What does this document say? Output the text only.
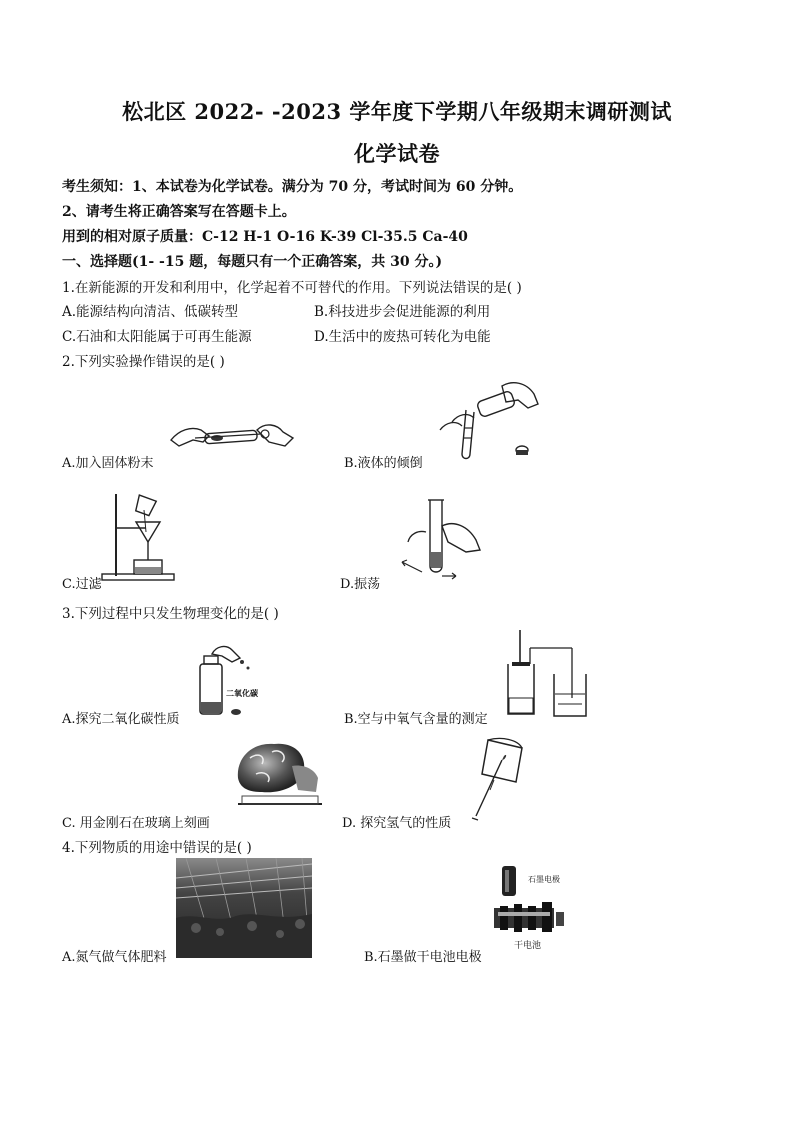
松北区 2022- -2023 学年度下学期八年级期末调研测试
化学试卷
考生须知：1、本试卷为化学试卷。满分为 70 分，考试时间为 60 分钟。
2、请考生将正确答案写在答题卡上。
用到的相对原子质量：C-12 H-1 O-16 K-39 Cl-35.5 Ca-40
一、选择题(1- -15 题，每题只有一个正确答案，共 30 分。)
1.在新能源的开发和利用中，化学起着不可替代的作用。下列说法错误的是( )
A.能源结构向清洁、低碳转型	B.科技进步会促进能源的利用
C.石油和太阳能属于可再生能源	D.生活中的废热可转化为电能
2.下列实验操作错误的是( )
A.加入固体粉末	B.液体的倾倒
C.过滤	D.振荡
3.下列过程中只发生物理变化的是( )
二氧化碳
A.探究二氧化碳性质	B.空与中氧气含量的测定
C. 用金刚石在玻璃上刻画	D. 探究氢气的性质
4.下列物质的用途中错误的是( )
A.氮气做气体肥料
石墨电极
干电池
B.石墨做干电池电极
